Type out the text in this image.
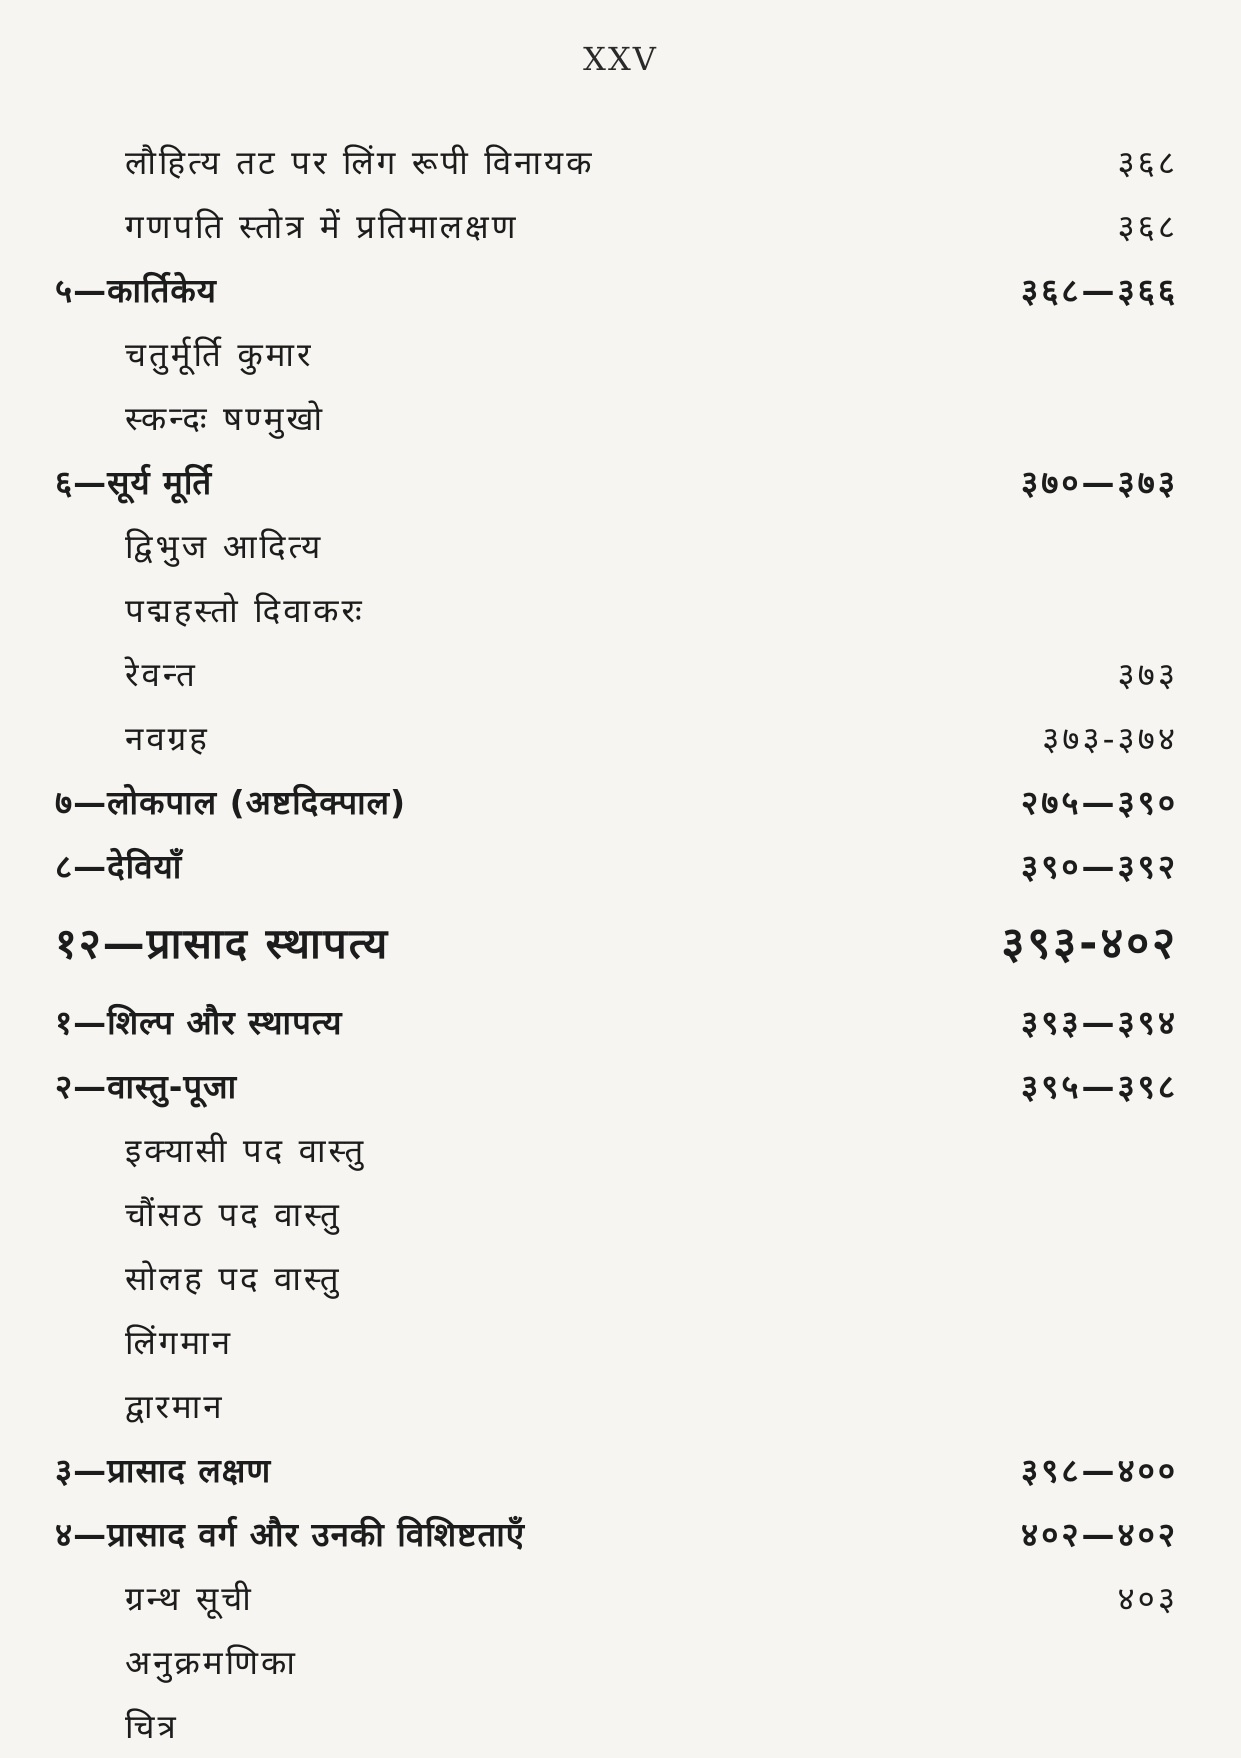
XXV
लौहित्य तट पर लिंग रूपी विनायक	३६८
गणपति स्तोत्र में प्रतिमालक्षण	३६८
५—कार्तिकेय	३६८—३६६
चतुर्मूर्ति कुमार
स्कन्दः षण्मुखो
६—सूर्य मूर्ति	३७०—३७३
द्विभुज आदित्य
पद्महस्तो दिवाकरः
रेवन्त	३७३
नवग्रह	३७३-३७४
७—लोकपाल (अष्टदिक्पाल)	२७५—३९०
८—देवियाँ	३९०—३९२
१२—प्रासाद स्थापत्य	३९३-४०२
१—शिल्प और स्थापत्य	३९३—३९४
२—वास्तु-पूजा	३९५—३९८
इक्यासी पद वास्तु
चौंसठ पद वास्तु
सोलह पद वास्तु
लिंगमान
द्वारमान
३—प्रासाद लक्षण	३९८—४००
४—प्रासाद वर्ग और उनकी विशिष्टताएँ	४०२—४०२
ग्रन्थ सूची	४०३
अनुक्रमणिका
चित्र
